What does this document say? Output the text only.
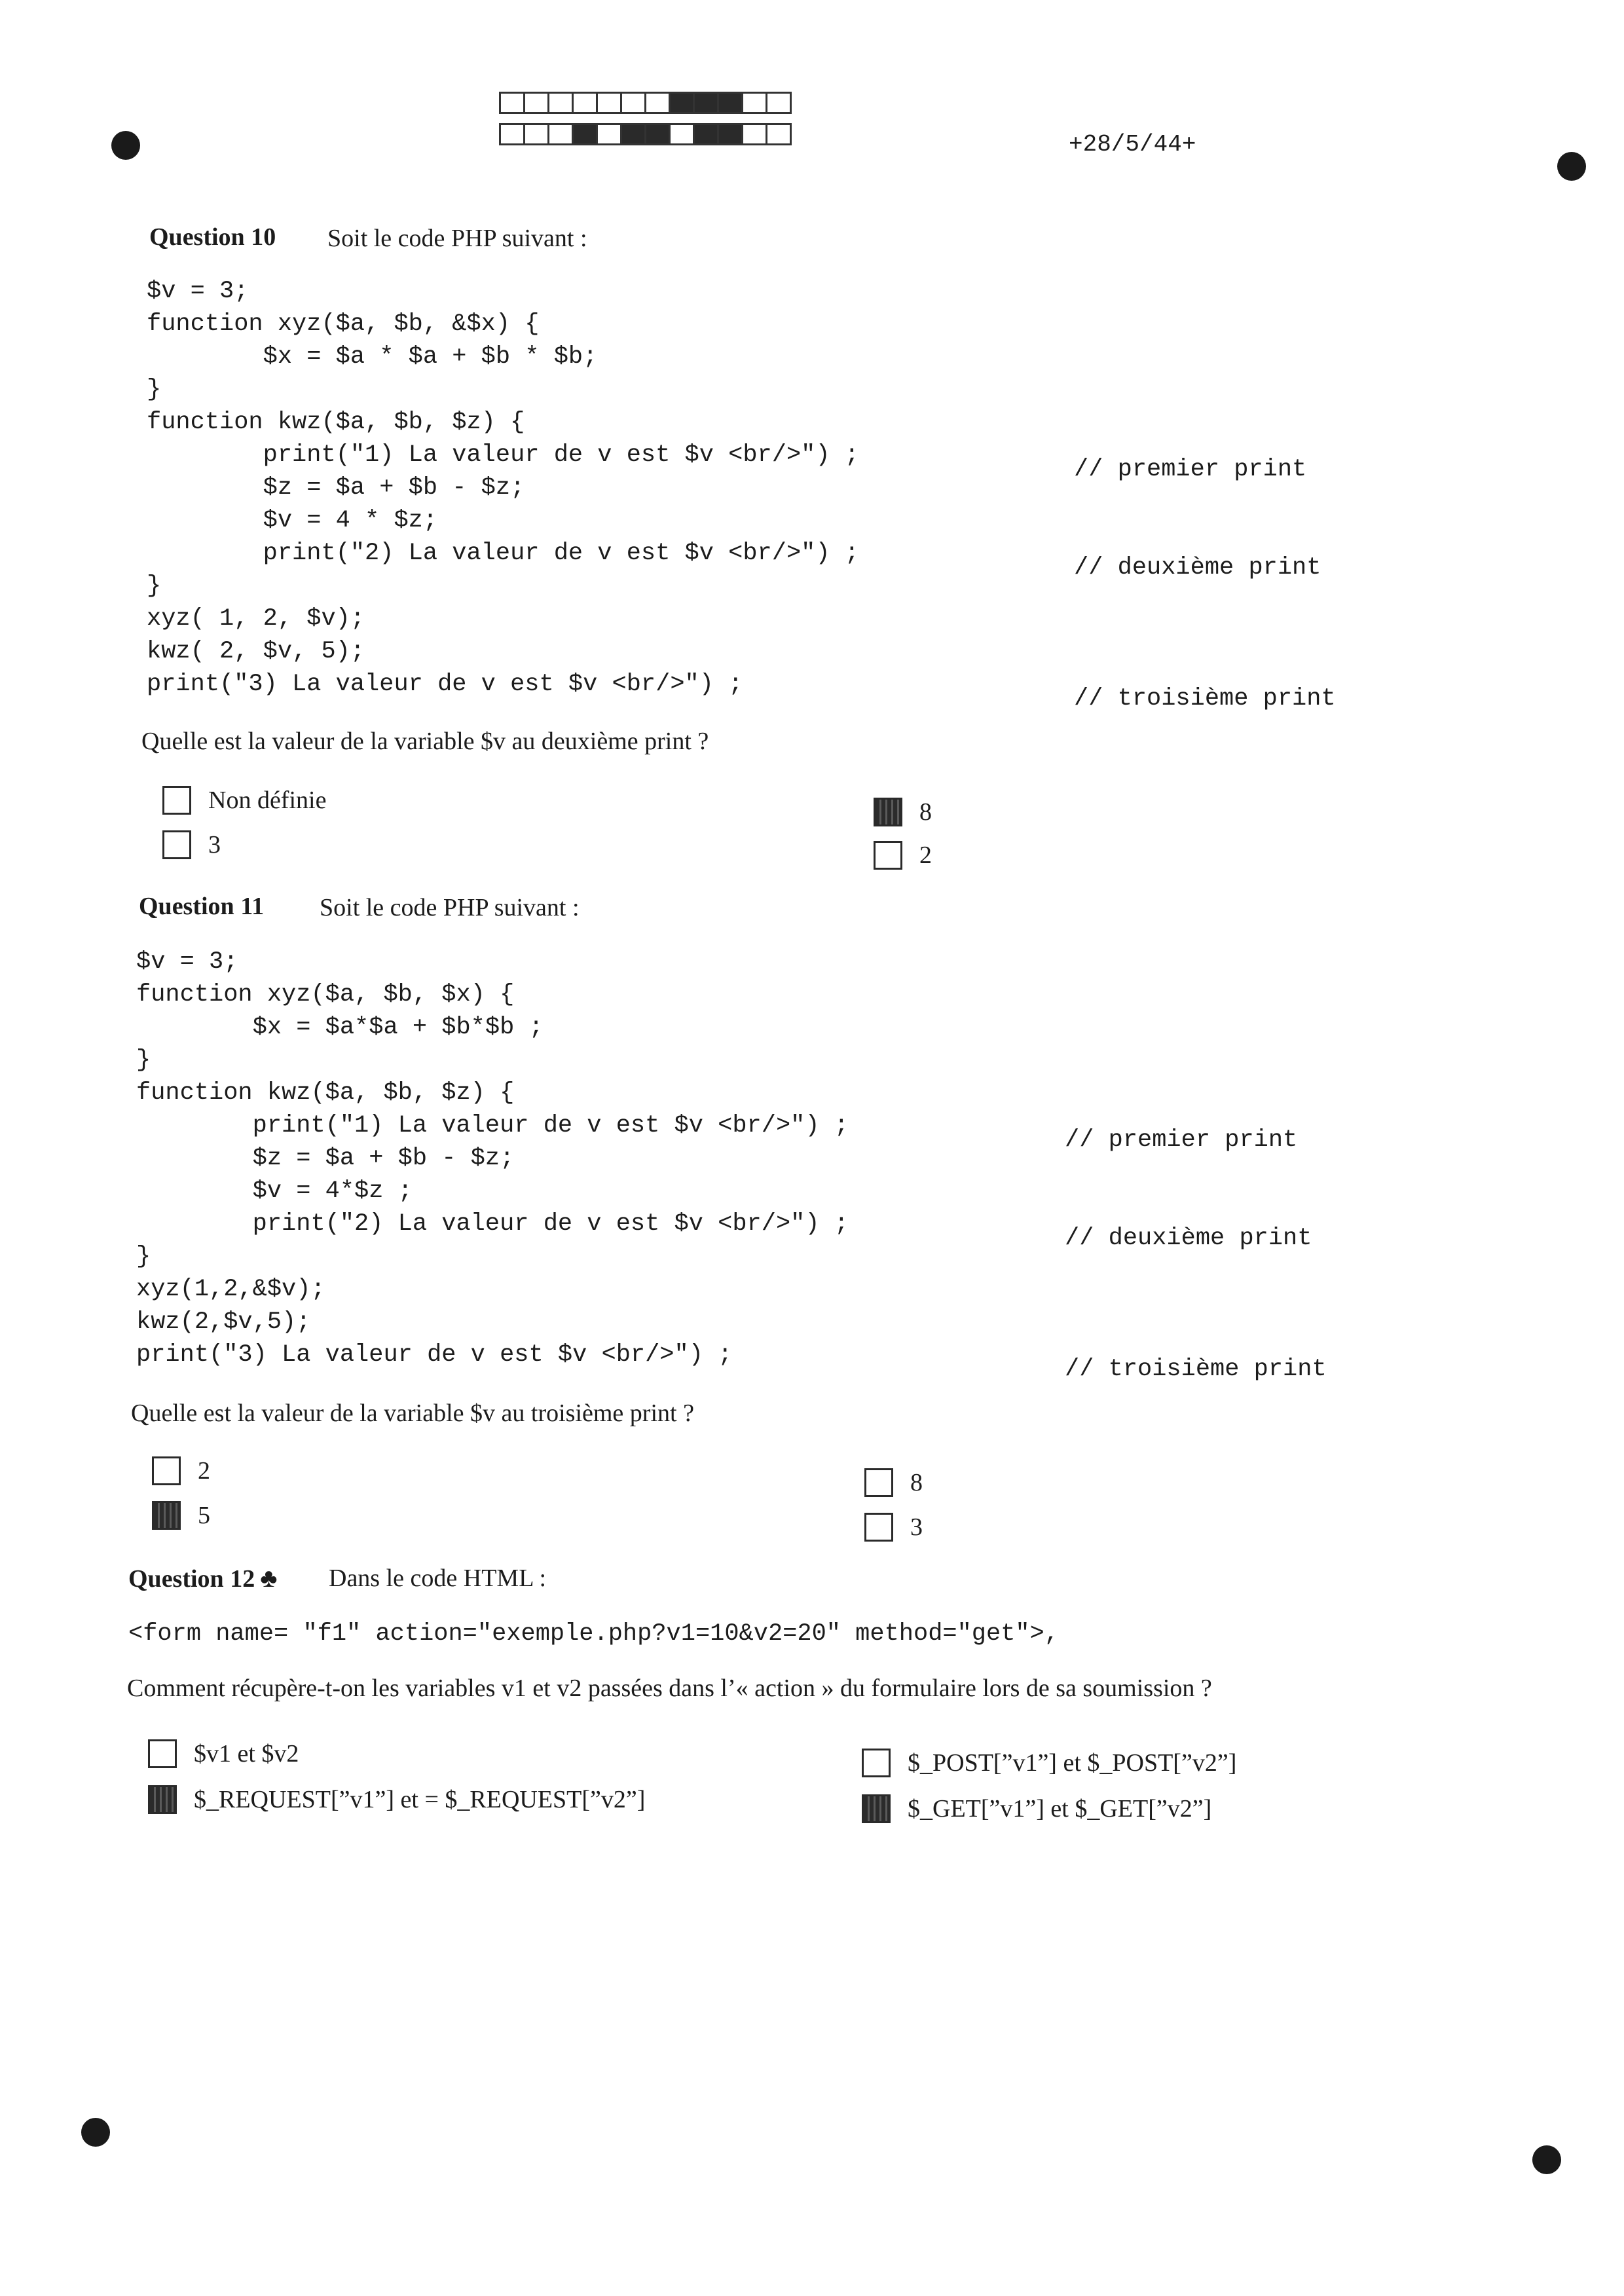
+28/5/44+
Question 10 Soit le code PHP suivant :
$v = 3;
function xyz($a, $b, &$x) {
$x = $a * $a + $b * $b;
}
function kwz($a, $b, $z) {
print("1) La valeur de v est $v <br/>") ;
$z = $a + $b - $z;
$v = 4 * $z;
print("2) La valeur de v est $v <br/>") ;
}
xyz( 1, 2, $v);
kwz( 2, $v, 5);
print("3) La valeur de v est $v <br/>") ;
// premier print
// deuxième print
// troisième print
Quelle est la valeur de la variable $v au deuxième print ?
Non définie
3
8
2
Question 11 Soit le code PHP suivant :
$v = 3;
function xyz($a, $b, $x) {
$x = $a*$a + $b*$b ;
}
function kwz($a, $b, $z) {
print("1) La valeur de v est $v <br/>") ;
$z = $a + $b - $z;
$v = 4*$z ;
print("2) La valeur de v est $v <br/>") ;
}
xyz(1,2,&$v);
kwz(2,$v,5);
print("3) La valeur de v est $v <br/>") ;
// premier print
// deuxième print
// troisième print
Quelle est la valeur de la variable $v au troisième print ?
2
5
8
3
Question 12 ♣ Dans le code HTML :
<form name= "f1" action="exemple.php?v1=10&v2=20" method="get">,
Comment récupère-t-on les variables v1 et v2 passées dans l’« action » du formulaire lors de sa soumission ?
$v1 et $v2
$_REQUEST[”v1”] et = $_REQUEST[”v2”]
$_POST[”v1”] et $_POST[”v2”]
$_GET[”v1”] et $_GET[”v2”]
